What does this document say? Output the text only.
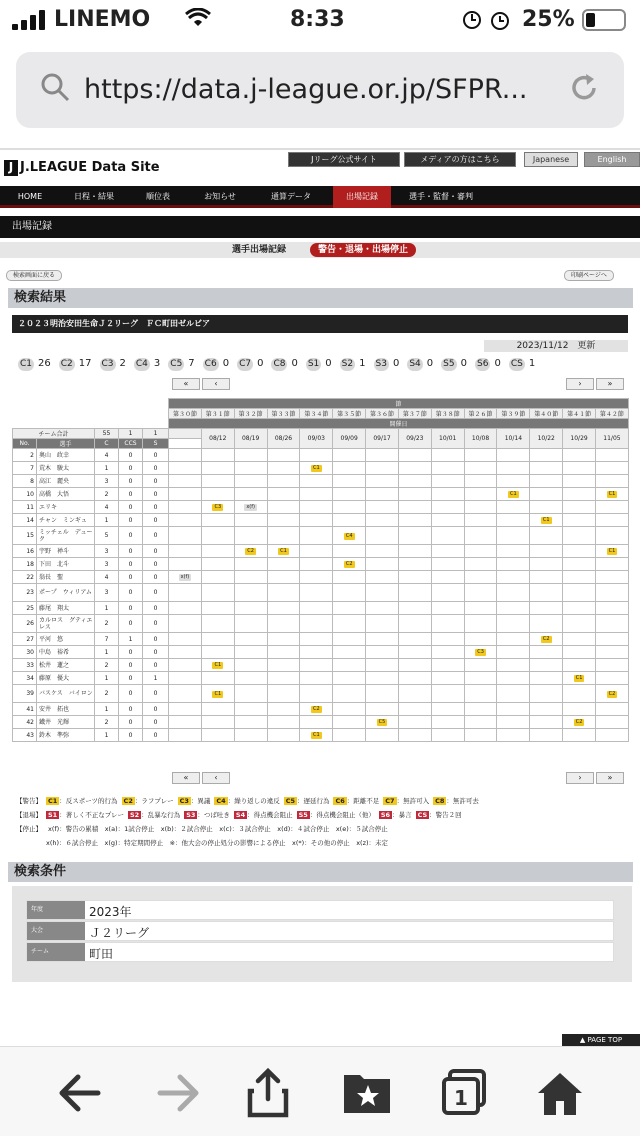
LINEMO	8:33	25%
https://data.j-league.or.jp/SFPR...
J J.LEAGUE Data Site
Jリーグ公式サイト	メディアの方はこちら	Japanese	English
HOME	日程・結果	順位表	お知らせ	通算データ	出場記録	選手・監督・審判
出場記録
選手出場記録	警告・退場・出場停止
検索画面に戻る	印刷ページへ
検索結果
２０２３明治安田生命Ｊ２リーグ　ＦＣ町田ゼルビア
2023/11/12　更新
C1 26 C2 17 C3 2 C4 3 C5 7 C6 0 C7 0 C8 0 S1 0 S2 1 S3 0 S4 0 S5 0 S6 0 CS 1
«	‹	›	»
					節														
					第３０節	第３１節	第３２節	第３３節	第３４節	第３５節	第３６節	第３７節	第３８節	第２６節	第３９節	第４０節	第４１節	第４２節	
					開催日														
チーム合計		55	1	1		08/12	08/19	08/26	09/03	09/09	09/17	09/23	10/01	10/08	10/14	10/22	10/29	11/05	
No.	選手	C	CCS	S															
2	奥山　政幸	4	0	0															
7	荒木　駿太	1	0	0					C1										
8	高江　麗央	3	0	0															
10	高橋　大悟	2	0	0											C1			C1	
11	エリキ	4	0	0		C3	x(f)												
14	チャン　ミンギュ	1	0	0												C1			
15	ミッチェル　デューク	5	0	0						C4									
16	宇野　禅斗	3	0	0			C2	C1										C1	
18	下田　北斗	3	0	0						C2									
22	翁長　聖	4	0	0	x(f)														
23	ポープ　ウィリアム	3	0	0															
25	藤尾　翔太	1	0	0															
26	カルロス　グティエレス	2	0	0															
27	平河　悠	7	1	0												C2			
30	中島　裕希	1	0	0										C3					
33	松井　蓮之	2	0	0		C1													
34	藤原　優大	1	0	1													C1		
39	バスケス　バイロン	2	0	0		C1												C2	
41	安井　拓也	1	0	0					C2										
42	鐡井　光輝	2	0	0							C5						C2		
43	鈴木　準弥	1	0	0					C1										
«	‹	›	»
【警告】 C1 ：反スポーツ的行為 C2 ：ラフプレー C3 ：異議 C4 ：繰り返しの違反 C5 ：遅延行為 C6 ：距離不足 C7 ：無許可入 C8 ：無許可去
【退場】 S1 ：著しく不正なプレー S2 ：乱暴な行為 S3 ：つば吐き S4 ：得点機会阻止 S5 ：得点機会阻止（他） S6 ：暴言 CS ：警告２回
【停止】 x(f)：警告の累積　x(a)：1試合停止　x(b)：２試合停止　x(c)：３試合停止　x(d)：４試合停止　x(e)：５試合停止
x(h)：６試合停止　x(g)：特定期間停止　※：他大会の停止処分の影響による停止　x(*)：その他の停止　x(z)：未定
検索条件
年度	2023年
大会	Ｊ２リーグ
チーム	町田
▲ PAGE TOP
1
